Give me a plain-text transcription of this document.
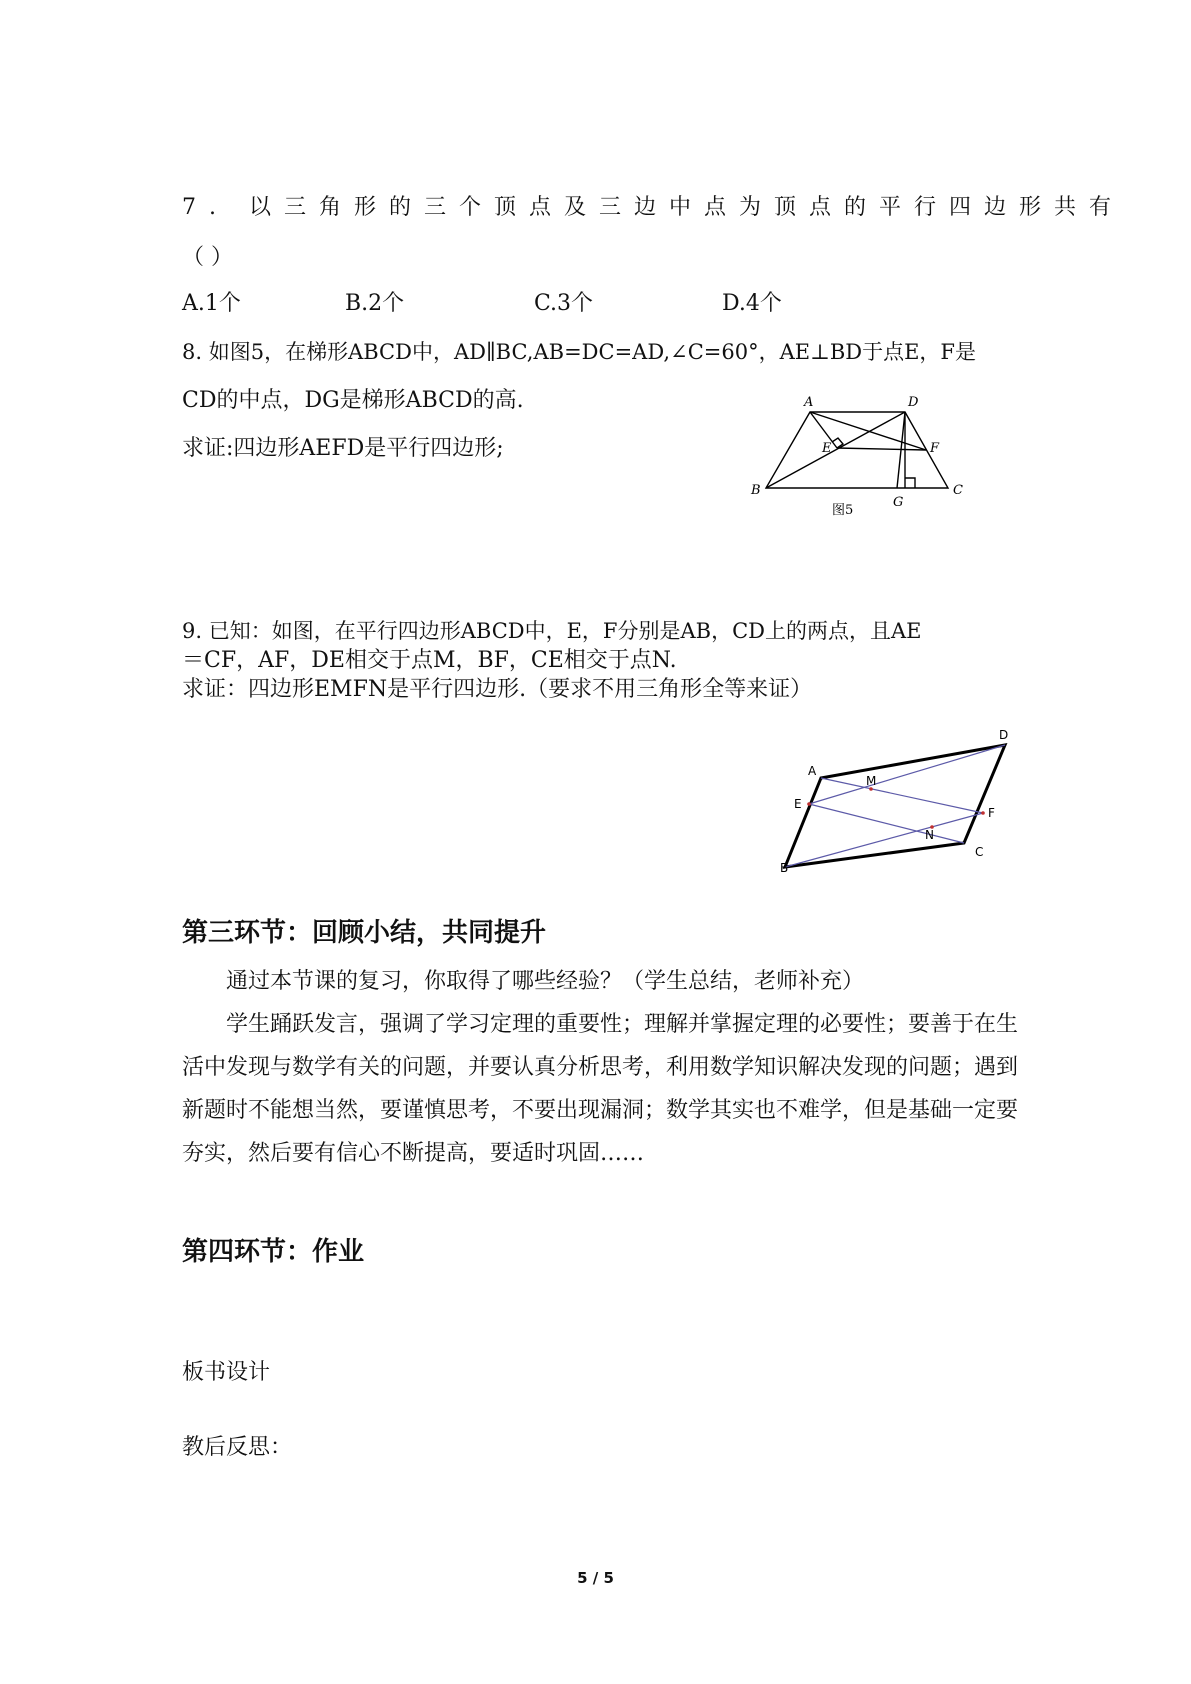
7. 以三角形的三个顶点及三边中点为顶点的平行四边形共有
（ ）
A.1个	B.2个	C.3个	D.4个
8. 如图5，在梯形ABCD中，AD∥BC,AB=DC=AD,∠C=60°，AE⊥BD于点E，F是
CD的中点，DG是梯形ABCD的高.
求证:四边形AEFD是平行四边形;
A	D
E	F
B
G
C
图5
9. 已知：如图，在平行四边形ABCD中，E，F分别是AB，CD上的两点，且AE
＝CF，AF，DE相交于点M，BF，CE相交于点N.
求证：四边形EMFN是平行四边形.（要求不用三角形全等来证）
A
D
M
E
F
N
B
C
第三环节：回顾小结，共同提升

通过本节课的复习，你取得了哪些经验？（学生总结，老师补充）

学生踊跃发言，强调了学习定理的重要性；理解并掌握定理的必要性；要善于在生活中发现与数学有关的问题，并要认真分析思考，利用数学知识解决发现的问题；遇到新题时不能想当然，要谨慎思考，不要出现漏洞；数学其实也不难学，但是基础一定要夯实，然后要有信心不断提高，要适时巩固……

第四环节：作业
板书设计
教后反思：
5 / 5
